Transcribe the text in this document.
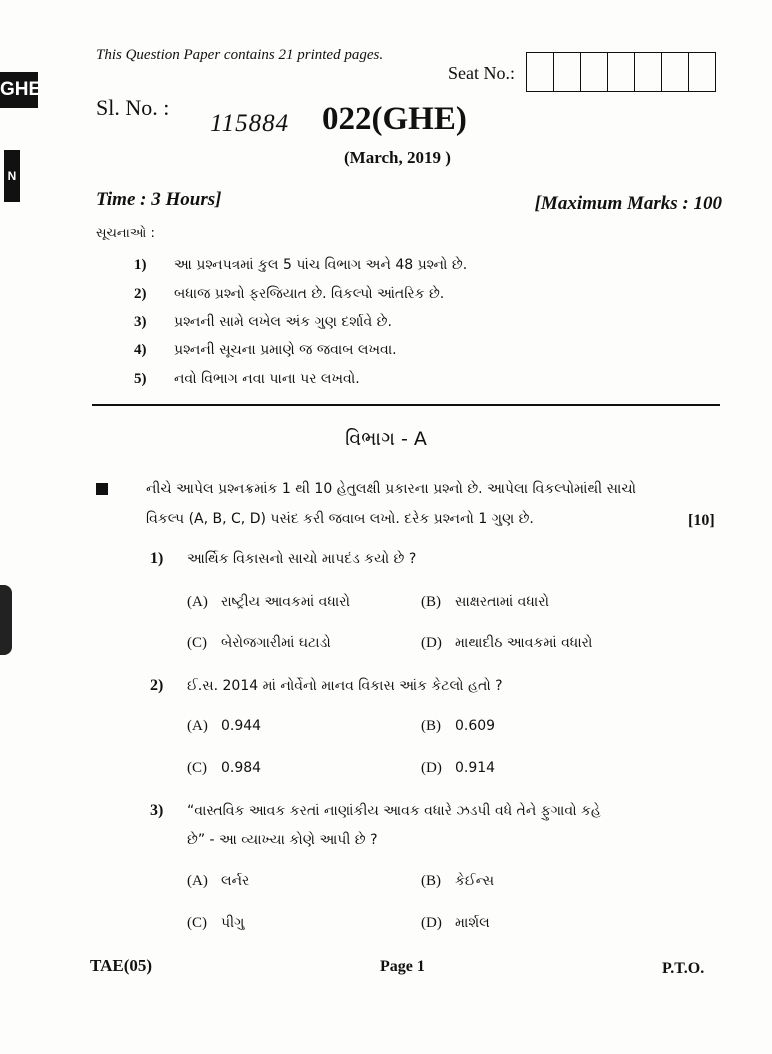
GHE
N
This Question Paper contains 21 printed pages.
Seat No.:
Sl. No. :
115884 022(GHE)
(March, 2019 )
Time : 3 Hours]	[Maximum Marks : 100
સૂચનાઓ :
1)	આ પ્રશ્નપત્રમાં કુલ 5 પાંચ વિભાગ અને 48 પ્રશ્નો છે.
2)	બધાજ પ્રશ્નો ફરજિયાત છે. વિકલ્પો આંતરિક છે.
3)	પ્રશ્નની સામે લખેલ અંક ગુણ દર્શાવે છે.
4)	પ્રશ્નની સૂચના પ્રમાણે જ જવાબ લખવા.
5)	નવો વિભાગ નવા પાના પર લખવો.
વિભાગ - A
નીચે આપેલ પ્રશ્નક્રમાંક 1 થી 10 હેતુલક્ષી પ્રકારના પ્રશ્નો છે. આપેલા વિકલ્પોમાંથી સાચો
વિકલ્પ (A, B, C, D) પસંદ કરી જવાબ લખો. દરેક પ્રશ્નનો 1 ગુણ છે.	[10]
1) આર્થિક વિકાસનો સાચો માપદંડ કયો છે ?
(A) રાષ્ટ્રીય આવકમાં વધારો	(B)	સાક્ષરતામાં વધારો
(C)	બેરોજગારીમાં ઘટાડો	(D) માથાદીઠ આવકમાં વધારો
2) ઈ.સ. 2014 માં નોર્વેનો માનવ વિકાસ આંક કેટલો હતો ?
(A) 0.944	(B)	0.609
(C)	0.984	(D) 0.914
3) “વાસ્તવિક આવક કરતાં નાણાંકીય આવક વધારે ઝડપી વધે તેને ફુગાવો કહે
છે” - આ વ્યાખ્યા કોણે આપી છે ?
(A) લર્નર	(B)	કેઈન્સ
(C)	પીગુ	(D) માર્શલ
TAE(05)	Page 1	P.T.O.
